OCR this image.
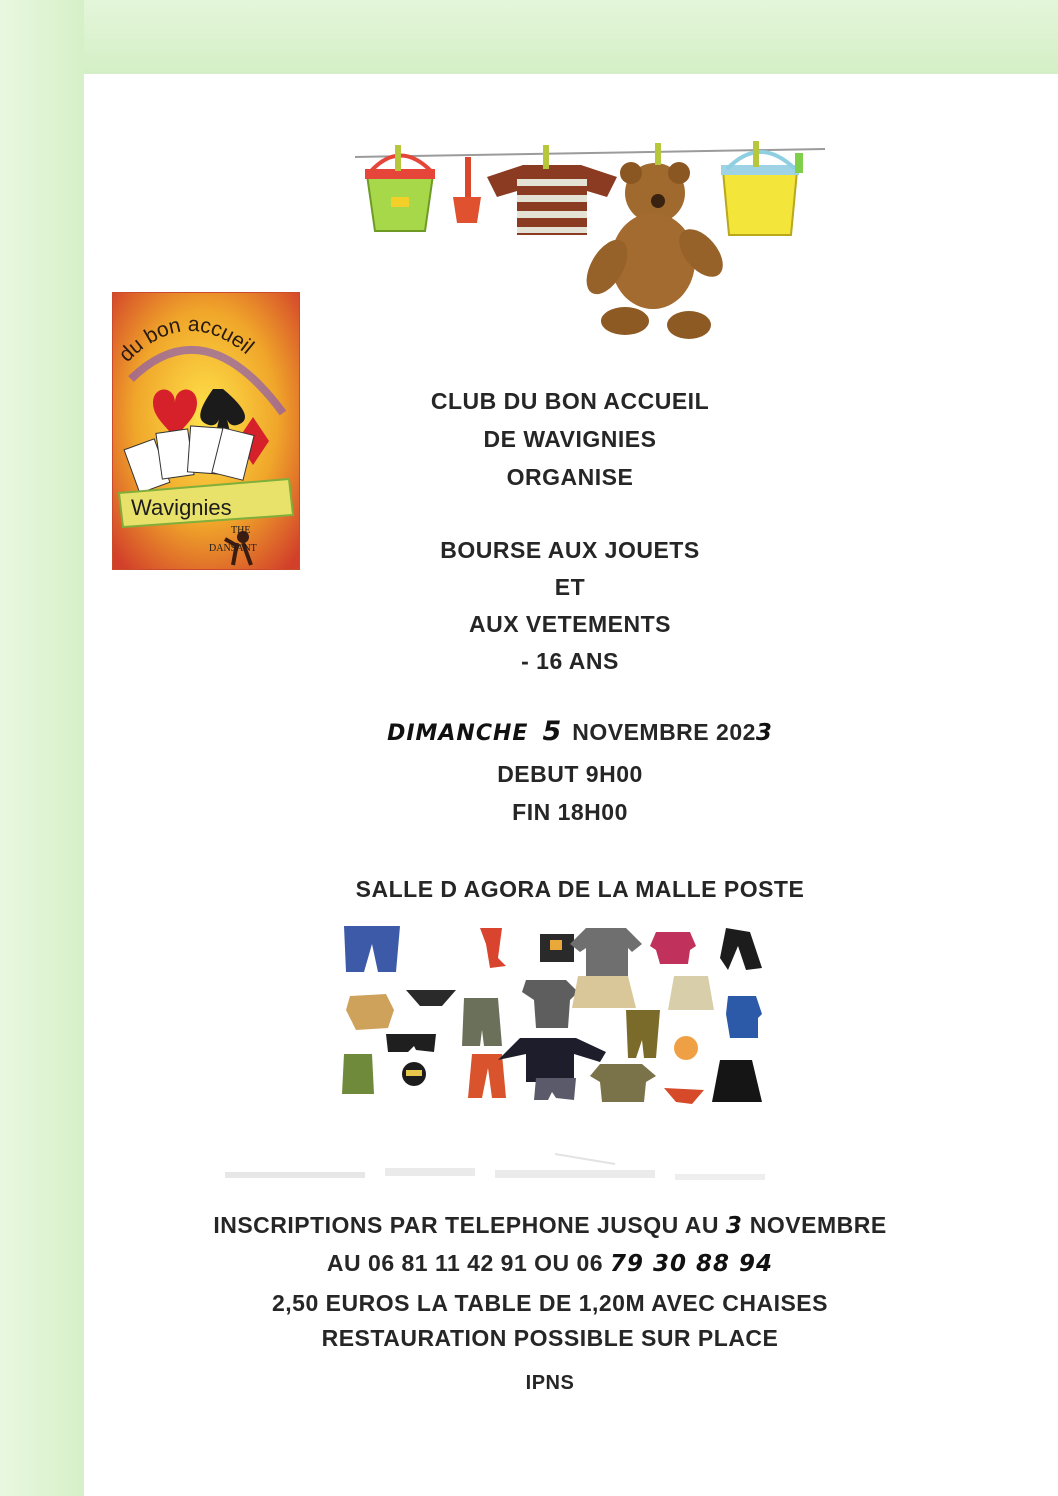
du bon accueil
Wavignies
THE
DANSANT
CLUB DU BON ACCUEIL
DE WAVIGNIES
ORGANISE
BOURSE AUX JOUETS
ET
AUX VETEMENTS
- 16 ANS
DIMANCHE 5 NOVEMBRE 2023
DEBUT 9H00
FIN 18H00
SALLE D AGORA DE LA MALLE POSTE
INSCRIPTIONS PAR TELEPHONE JUSQU AU 3 NOVEMBRE
AU 06 81 11 42 91 OU 06 79 30 88 94
2,50 EUROS LA TABLE DE 1,20M AVEC CHAISES
RESTAURATION POSSIBLE SUR PLACE
IPNS
